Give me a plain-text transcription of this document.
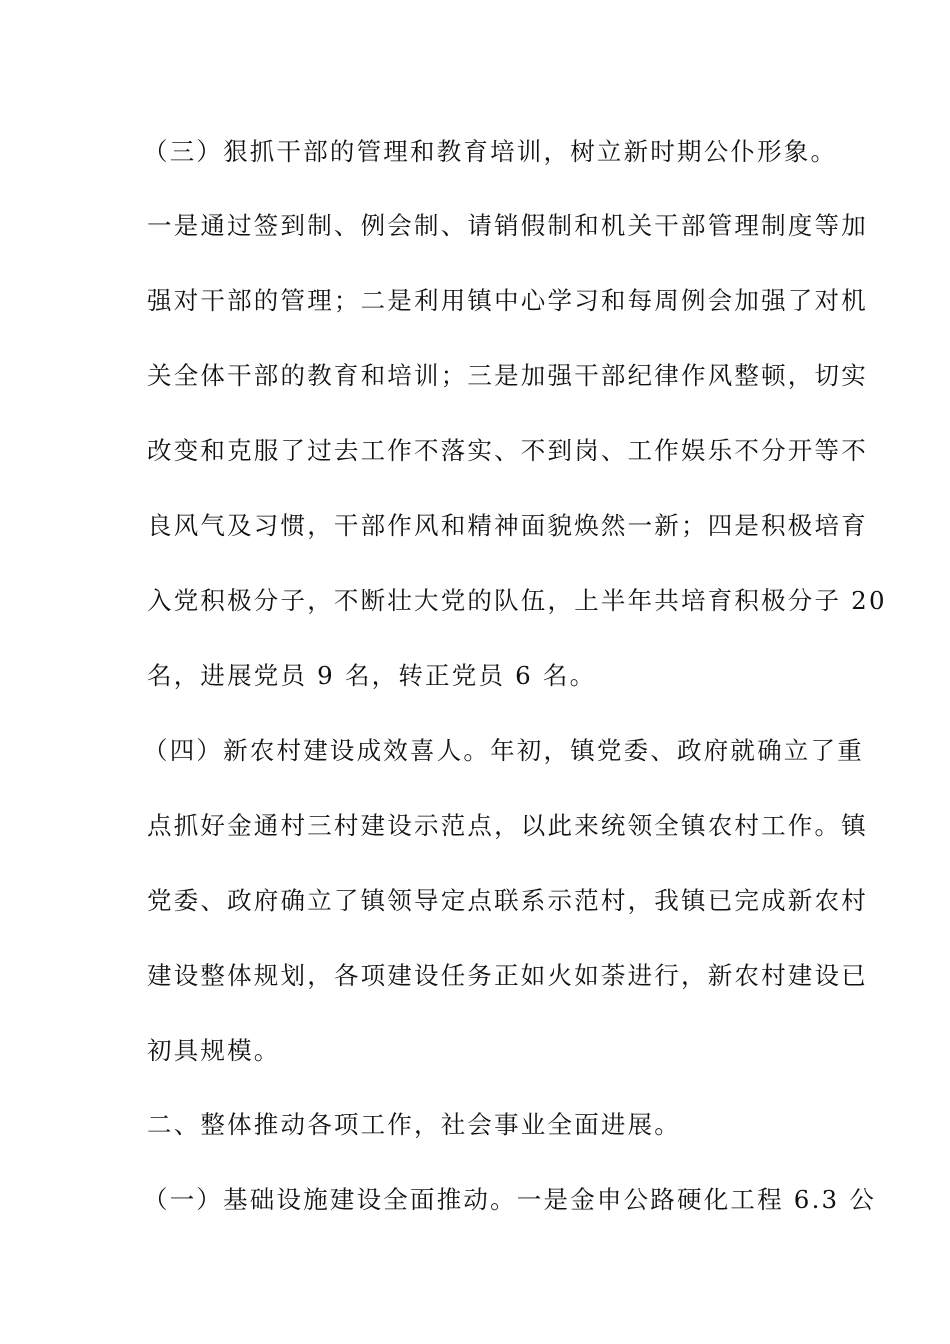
（三）狠抓干部的管理和教育培训，树立新时期公仆形象。
一是通过签到制、例会制、请销假制和机关干部管理制度等加
强对干部的管理；二是利用镇中心学习和每周例会加强了对机
关全体干部的教育和培训；三是加强干部纪律作风整顿，切实
改变和克服了过去工作不落实、不到岗、工作娱乐不分开等不
良风气及习惯，干部作风和精神面貌焕然一新；四是积极培育
入党积极分子，不断壮大党的队伍，上半年共培育积极分子 20
名，进展党员 9 名，转正党员 6 名。
（四）新农村建设成效喜人。年初，镇党委、政府就确立了重
点抓好金通村三村建设示范点，以此来统领全镇农村工作。镇
党委、政府确立了镇领导定点联系示范村，我镇已完成新农村
建设整体规划，各项建设任务正如火如荼进行，新农村建设已
初具规模。
二、整体推动各项工作，社会事业全面进展。
（一）基础设施建设全面推动。一是金申公路硬化工程 6.3 公
